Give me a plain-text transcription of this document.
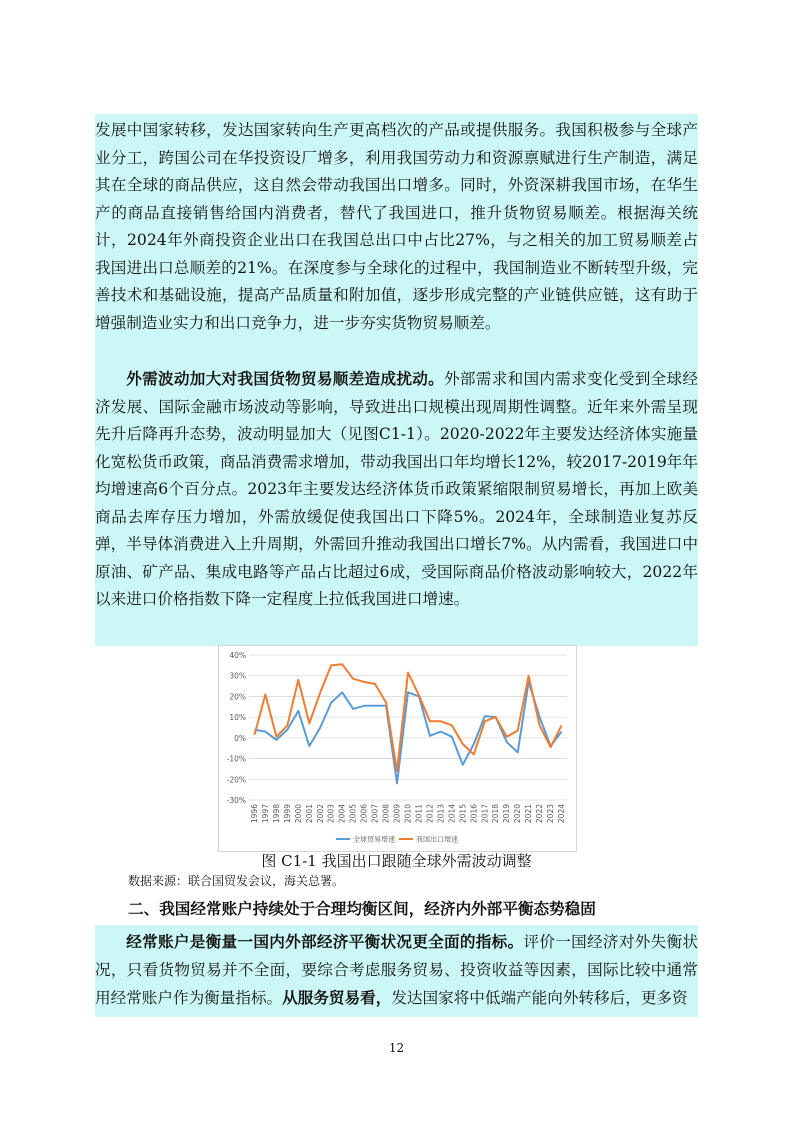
发展中国家转移，发达国家转向生产更高档次的产品或提供服务。我国积极参与全球产业分工，跨国公司在华投资设厂增多，利用我国劳动力和资源禀赋进行生产制造，满足其在全球的商品供应，这自然会带动我国出口增多。同时，外资深耕我国市场，在华生产的商品直接销售给国内消费者，替代了我国进口，推升货物贸易顺差。根据海关统计，2024年外商投资企业出口在我国总出口中占比27%，与之相关的加工贸易顺差占我国进出口总顺差的21%。在深度参与全球化的过程中，我国制造业不断转型升级，完善技术和基础设施，提高产品质量和附加值，逐步形成完整的产业链供应链，这有助于增强制造业实力和出口竞争力，进一步夯实货物贸易顺差。

外需波动加大对我国货物贸易顺差造成扰动。外部需求和国内需求变化受到全球经济发展、国际金融市场波动等影响，导致进出口规模出现周期性调整。近年来外需呈现先升后降再升态势，波动明显加大（见图C1-1）。2020-2022年主要发达经济体实施量化宽松货币政策，商品消费需求增加，带动我国出口年均增长12%，较2017-2019年年均增速高6个百分点。2023年主要发达经济体货币政策紧缩限制贸易增长，再加上欧美商品去库存压力增加，外需放缓促使我国出口下降5%。2024年，全球制造业复苏反弹，半导体消费进入上升周期，外需回升推动我国出口增长7%。从内需看，我国进口中原油、矿产品、集成电路等产品占比超过6成，受国际商品价格波动影响较大，2022年以来进口价格指数下降一定程度上拉低我国进口增速。

-30%
-20%
-10%
0%
10%
20%
30%
40%
1996 1997 1998 1999 2000 2001 2002 2003 2004 2005 2006 2007 2008 2009 2010 2011 2012 2013 2014 2015 2016 2017 2018 2019 2020 2021 2022 2023 2024
全球贸易增速	我国出口增速
图 C1-1 我国出口跟随全球外需波动调整
数据来源：联合国贸发会议，海关总署。
二、我国经常账户持续处于合理均衡区间，经济内外部平衡态势稳固

经常账户是衡量一国内外部经济平衡状况更全面的指标。评价一国经济对外失衡状况，只看货物贸易并不全面，要综合考虑服务贸易、投资收益等因素，国际比较中通常用经常账户作为衡量指标。从服务贸易看，发达国家将中低端产能向外转移后，更多资

12
